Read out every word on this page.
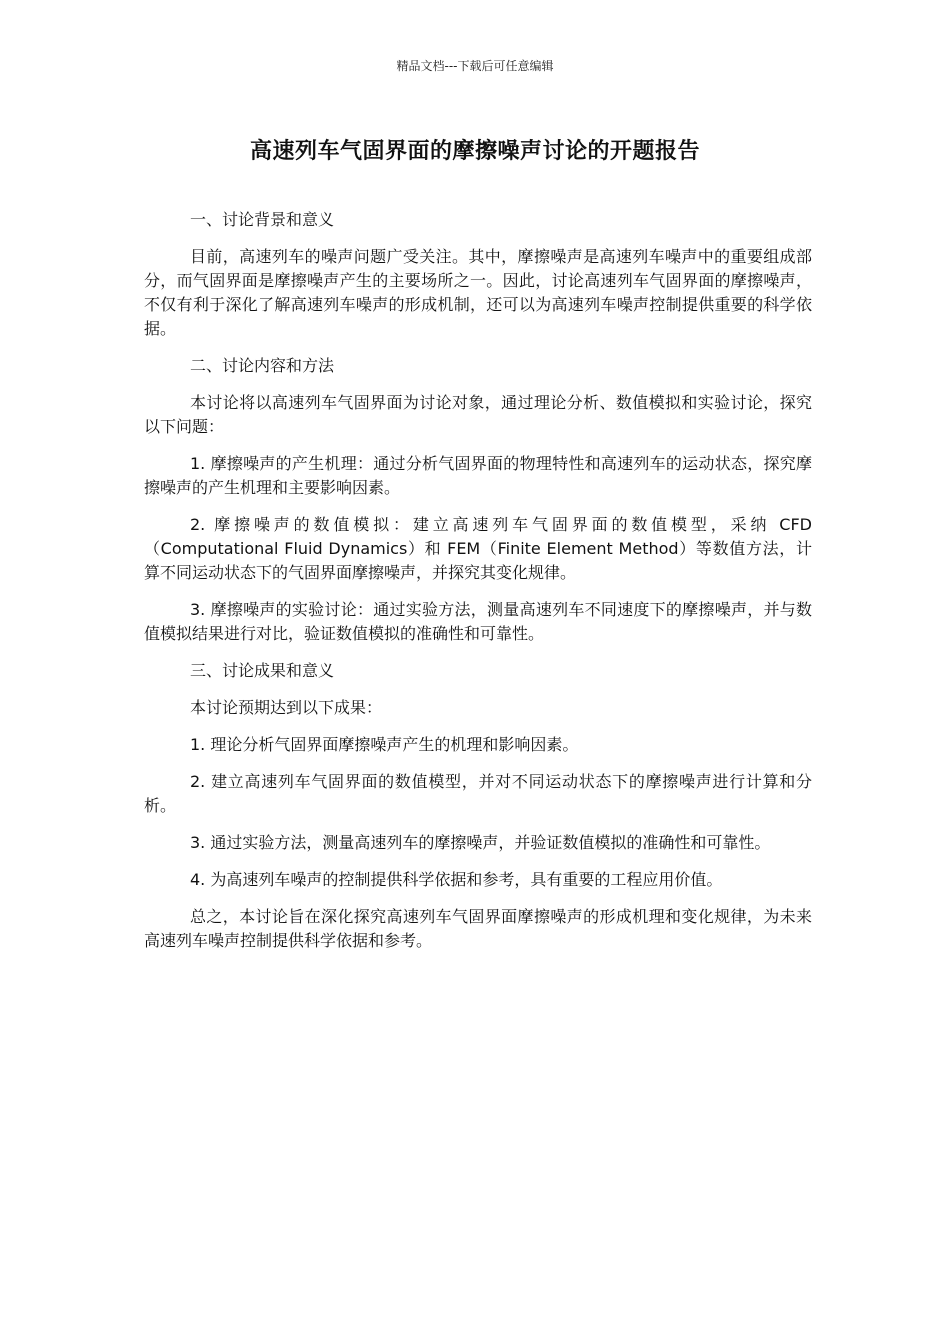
精品文档---下载后可任意编辑
高速列车气固界面的摩擦噪声讨论的开题报告

一、讨论背景和意义

目前，高速列车的噪声问题广受关注。其中，摩擦噪声是高速列车噪声中的重要组成部分，而气固界面是摩擦噪声产生的主要场所之一。因此，讨论高速列车气固界面的摩擦噪声，不仅有利于深化了解高速列车噪声的形成机制，还可以为高速列车噪声控制提供重要的科学依据。

二、讨论内容和方法

本讨论将以高速列车气固界面为讨论对象，通过理论分析、数值模拟和实验讨论，探究以下问题：

1. 摩擦噪声的产生机理：通过分析气固界面的物理特性和高速列车的运动状态，探究摩擦噪声的产生机理和主要影响因素。

2. 摩擦噪声的数值模拟：建立高速列车气固界面的数值模型，采纳 CFD（Computational Fluid Dynamics）和 FEM（Finite Element Method）等数值方法，计算不同运动状态下的气固界面摩擦噪声，并探究其变化规律。

3. 摩擦噪声的实验讨论：通过实验方法，测量高速列车不同速度下的摩擦噪声，并与数值模拟结果进行对比，验证数值模拟的准确性和可靠性。

三、讨论成果和意义

本讨论预期达到以下成果：

1. 理论分析气固界面摩擦噪声产生的机理和影响因素。

2. 建立高速列车气固界面的数值模型，并对不同运动状态下的摩擦噪声进行计算和分析。

3. 通过实验方法，测量高速列车的摩擦噪声，并验证数值模拟的准确性和可靠性。

4. 为高速列车噪声的控制提供科学依据和参考，具有重要的工程应用价值。

总之，本讨论旨在深化探究高速列车气固界面摩擦噪声的形成机理和变化规律，为未来高速列车噪声控制提供科学依据和参考。
